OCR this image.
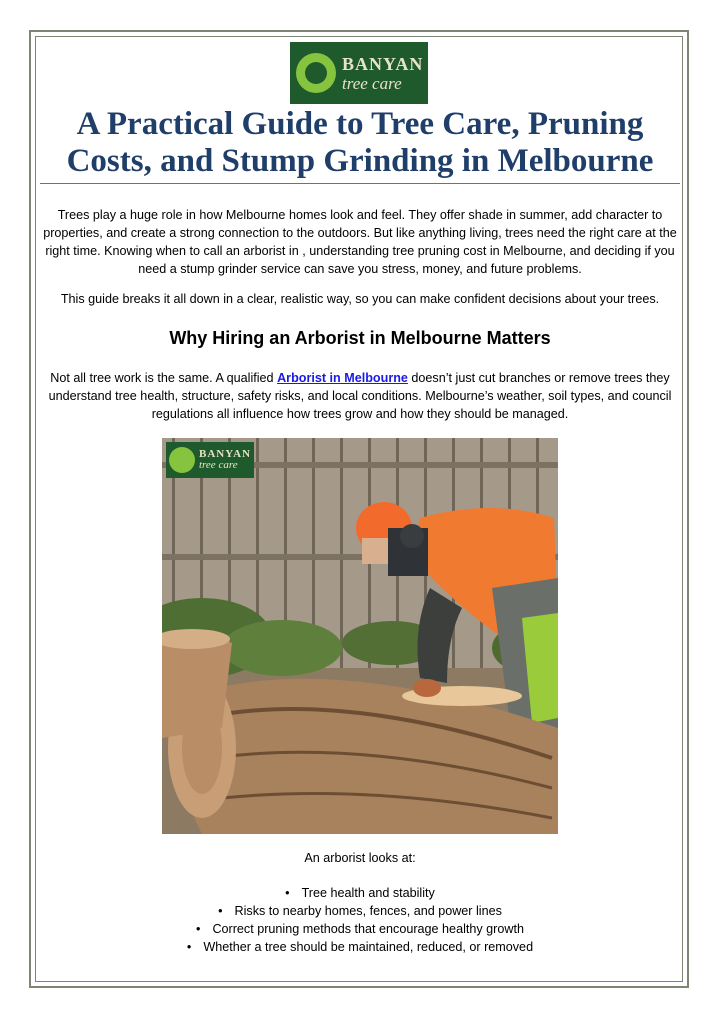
BANYAN
tree care
A Practical Guide to Tree Care, Pruning Costs, and Stump Grinding in Melbourne

Trees play a huge role in how Melbourne homes look and feel. They offer shade in summer, add character to properties, and create a strong connection to the outdoors. But like anything living, trees need the right care at the right time. Knowing when to call an arborist in , understanding tree pruning cost in Melbourne, and deciding if you need a stump grinder service can save you stress, money, and future problems.

This guide breaks it all down in a clear, realistic way, so you can make confident decisions about your trees.

Why Hiring an Arborist in Melbourne Matters

Not all tree work is the same. A qualified Arborist in Melbourne doesn’t just cut branches or remove trees they understand tree health, structure, safety risks, and local conditions. Melbourne’s weather, soil types, and council regulations all influence how trees grow and how they should be managed.

BANYAN
tree care
An arborist looks at:
• Tree health and stability
• Risks to nearby homes, fences, and power lines
• Correct pruning methods that encourage healthy growth
• Whether a tree should be maintained, reduced, or removed
